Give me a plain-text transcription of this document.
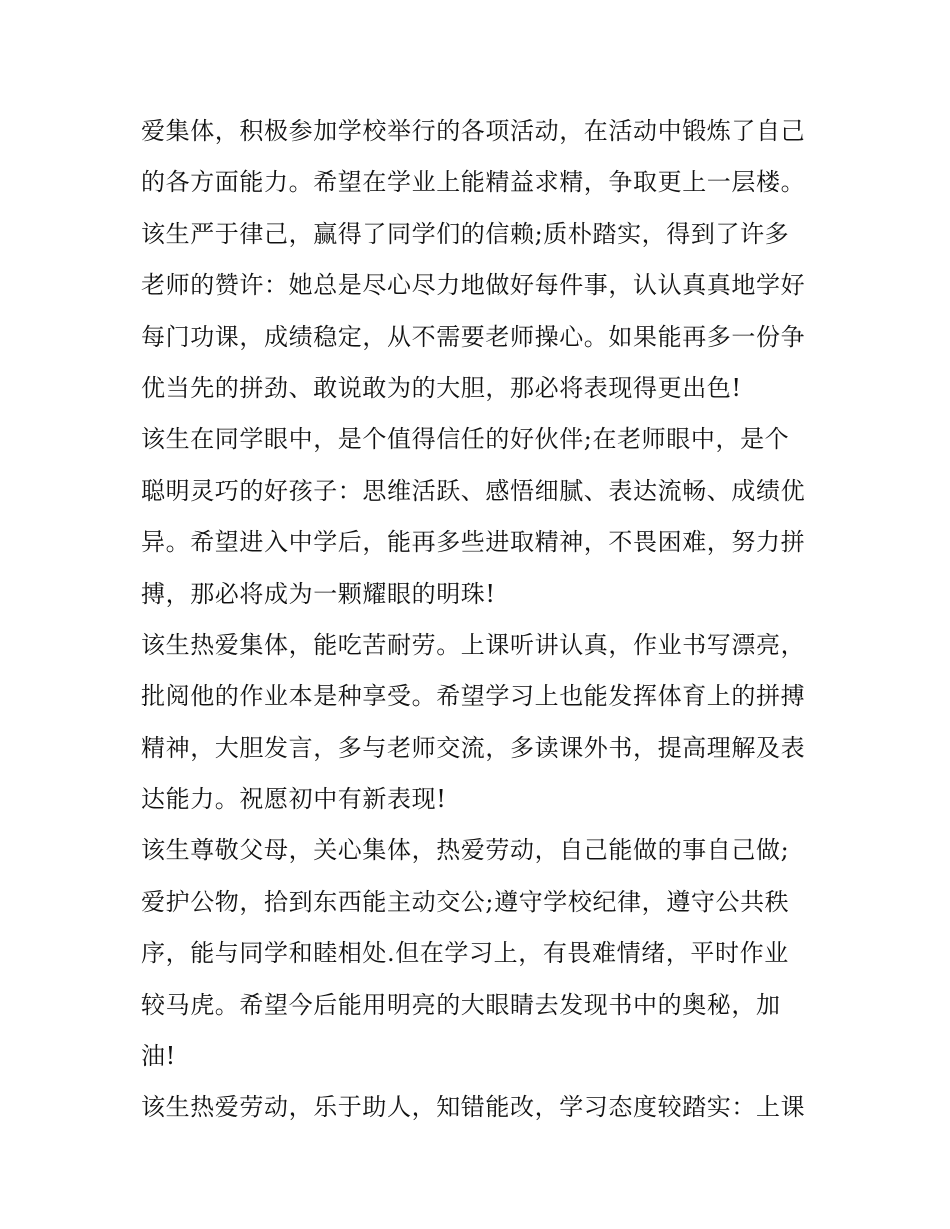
爱集体，积极参加学校举行的各项活动，在活动中锻炼了自己
的各方面能力。希望在学业上能精益求精，争取更上一层楼。
该生严于律己，赢得了同学们的信赖;质朴踏实，得到了许多
老师的赞许：她总是尽心尽力地做好每件事，认认真真地学好
每门功课，成绩稳定，从不需要老师操心。如果能再多一份争
优当先的拼劲、敢说敢为的大胆，那必将表现得更出色!
该生在同学眼中，是个值得信任的好伙伴;在老师眼中，是个
聪明灵巧的好孩子：思维活跃、感悟细腻、表达流畅、成绩优
异。希望进入中学后，能再多些进取精神，不畏困难，努力拼
搏，那必将成为一颗耀眼的明珠!
该生热爱集体，能吃苦耐劳。上课听讲认真，作业书写漂亮，
批阅他的作业本是种享受。希望学习上也能发挥体育上的拼搏
精神，大胆发言，多与老师交流，多读课外书，提高理解及表
达能力。祝愿初中有新表现!
该生尊敬父母，关心集体，热爱劳动，自己能做的事自己做;
爱护公物，拾到东西能主动交公;遵守学校纪律，遵守公共秩
序，能与同学和睦相处.但在学习上，有畏难情绪，平时作业
较马虎。希望今后能用明亮的大眼睛去发现书中的奥秘，加
油!
该生热爱劳动，乐于助人，知错能改，学习态度较踏实：上课
